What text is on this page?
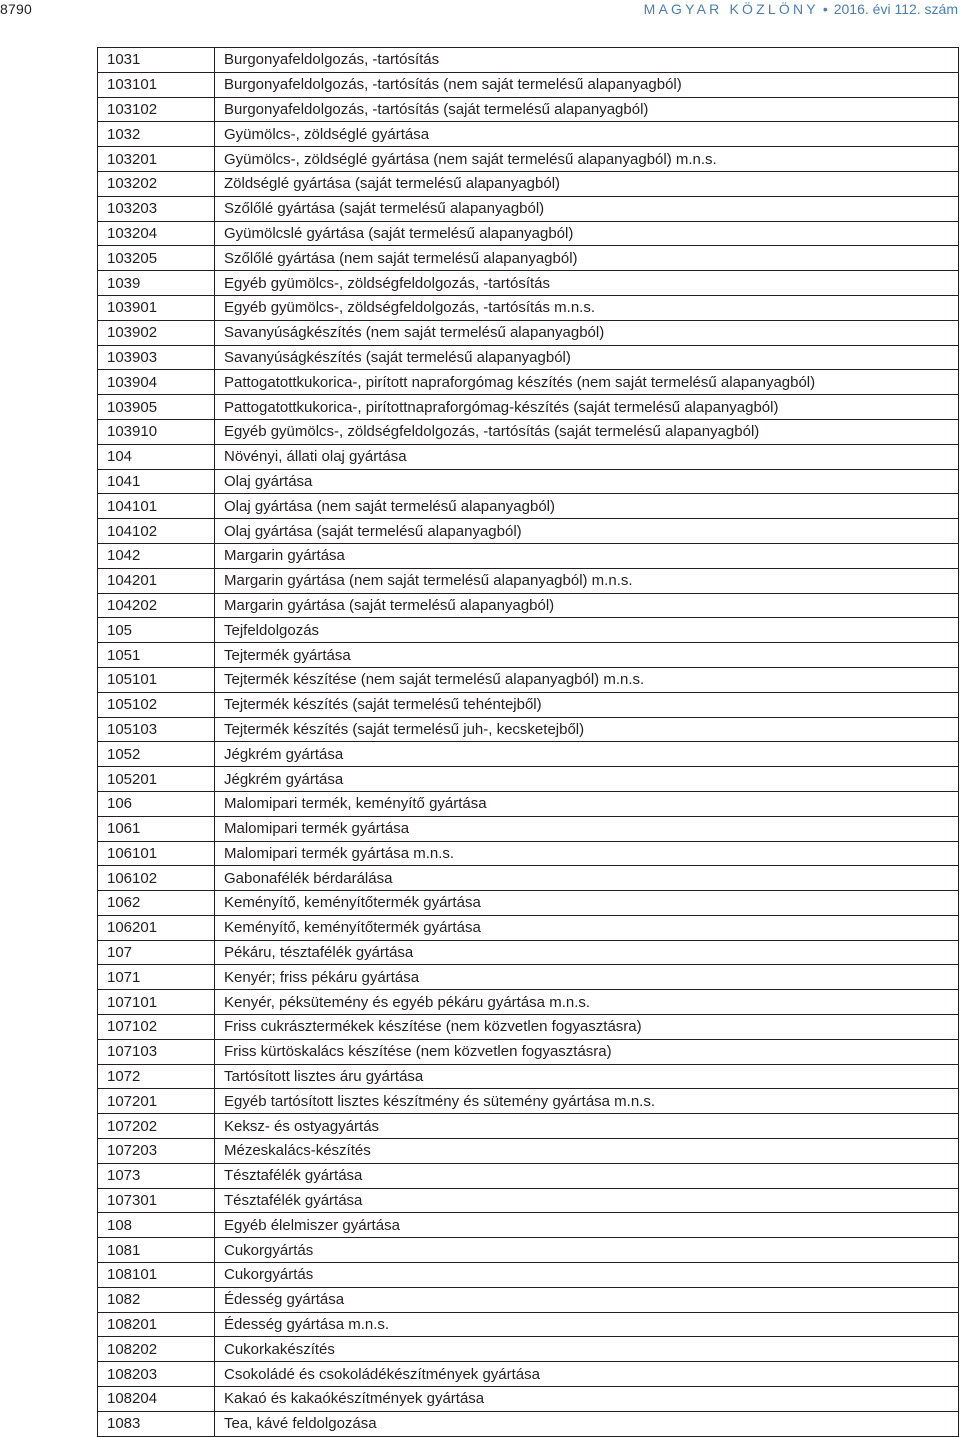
8790	MAGYAR KÖZLÖNY • 2016. évi 112. szám
1031	Burgonyafeldolgozás, -tartósítás
103101	Burgonyafeldolgozás, -tartósítás (nem saját termelésű alapanyagból)
103102	Burgonyafeldolgozás, -tartósítás (saját termelésű alapanyagból)
1032	Gyümölcs-, zöldséglé gyártása
103201	Gyümölcs-, zöldséglé gyártása (nem saját termelésű alapanyagból) m.n.s.
103202	Zöldséglé gyártása (saját termelésű alapanyagból)
103203	Szőlőlé gyártása (saját termelésű alapanyagból)
103204	Gyümölcslé gyártása (saját termelésű alapanyagból)
103205	Szőlőlé gyártása (nem saját termelésű alapanyagból)
1039	Egyéb gyümölcs-, zöldségfeldolgozás, -tartósítás
103901	Egyéb gyümölcs-, zöldségfeldolgozás, -tartósítás m.n.s.
103902	Savanyúságkészítés (nem saját termelésű alapanyagból)
103903	Savanyúságkészítés (saját termelésű alapanyagból)
103904	Pattogatottkukorica-, pirított napraforgómag készítés (nem saját termelésű alapanyagból)
103905	Pattogatottkukorica-, pirítottnapraforgómag-készítés (saját termelésű alapanyagból)
103910	Egyéb gyümölcs-, zöldségfeldolgozás, -tartósítás (saját termelésű alapanyagból)
104	Növényi, állati olaj gyártása
1041	Olaj gyártása
104101	Olaj gyártása (nem saját termelésű alapanyagból)
104102	Olaj gyártása (saját termelésű alapanyagból)
1042	Margarin gyártása
104201	Margarin gyártása (nem saját termelésű alapanyagból) m.n.s.
104202	Margarin gyártása (saját termelésű alapanyagból)
105	Tejfeldolgozás
1051	Tejtermék gyártása
105101	Tejtermék készítése (nem saját termelésű alapanyagból) m.n.s.
105102	Tejtermék készítés (saját termelésű tehéntejből)
105103	Tejtermék készítés (saját termelésű juh-, kecsketejből)
1052	Jégkrém gyártása
105201	Jégkrém gyártása
106	Malomipari termék, keményítő gyártása
1061	Malomipari termék gyártása
106101	Malomipari termék gyártása m.n.s.
106102	Gabonafélék bérdarálása
1062	Keményítő, keményítőtermék gyártása
106201	Keményítő, keményítőtermék gyártása
107	Pékáru, tésztafélék gyártása
1071	Kenyér; friss pékáru gyártása
107101	Kenyér, péksütemény és egyéb pékáru gyártása m.n.s.
107102	Friss cukrásztermékek készítése (nem közvetlen fogyasztásra)
107103	Friss kürtöskalács készítése (nem közvetlen fogyasztásra)
1072	Tartósított lisztes áru gyártása
107201	Egyéb tartósított lisztes készítmény és sütemény gyártása m.n.s.
107202	Keksz- és ostyagyártás
107203	Mézeskalács-készítés
1073	Tésztafélék gyártása
107301	Tésztafélék gyártása
108	Egyéb élelmiszer gyártása
1081	Cukorgyártás
108101	Cukorgyártás
1082	Édesség gyártása
108201	Édesség gyártása m.n.s.
108202	Cukorkakészítés
108203	Csokoládé és csokoládékészítmények gyártása
108204	Kakaó és kakaókészítmények gyártása
1083	Tea, kávé feldolgozása
